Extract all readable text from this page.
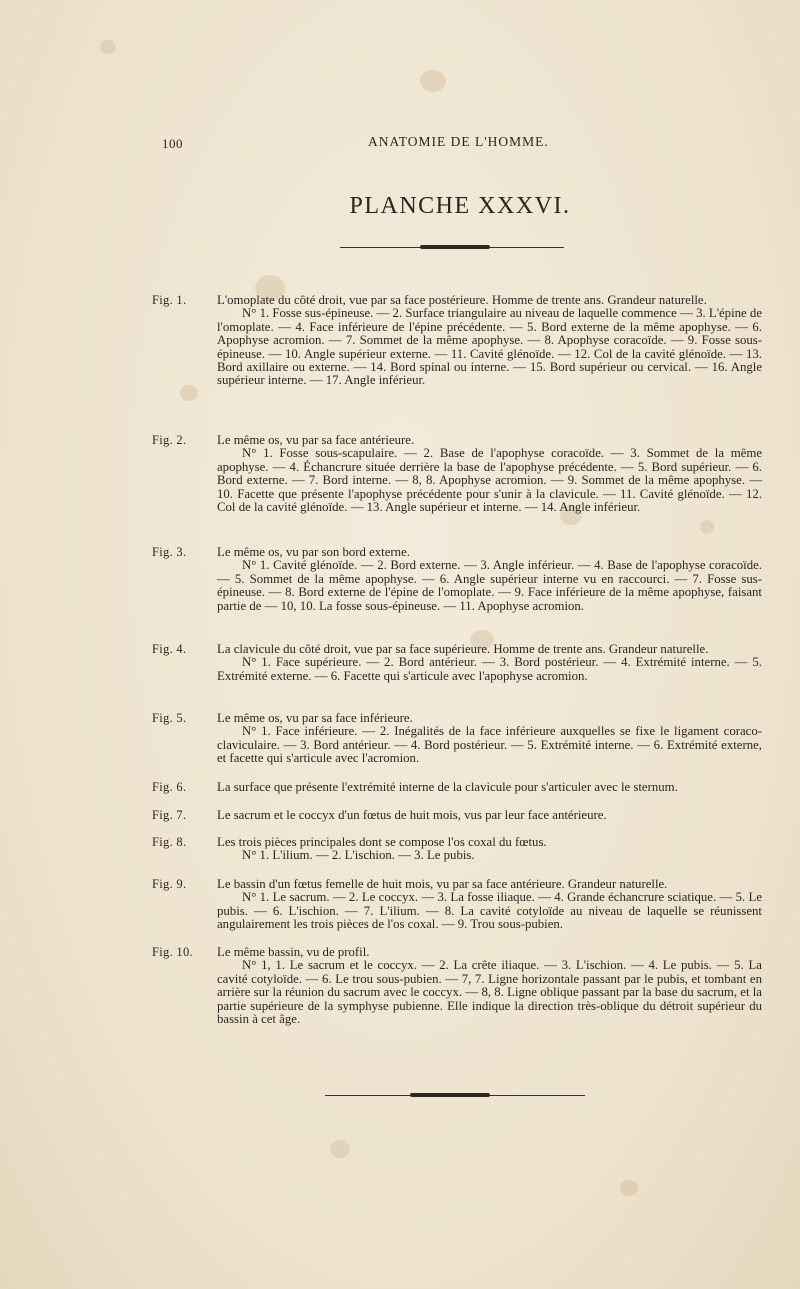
100	ANATOMIE DE L'HOMME.
PLANCHE XXXVI.
Fig. 1. L'omoplate du côté droit, vue par sa face postérieure. Homme de trente ans. Grandeur naturelle.

N° 1. Fosse sus-épineuse. — 2. Surface triangulaire au niveau de laquelle commence — 3. L'épine de l'omoplate. — 4. Face inférieure de l'épine précédente. — 5. Bord externe de la même apophyse. — 6. Apophyse acromion. — 7. Sommet de la même apophyse. — 8. Apophyse coracoïde. — 9. Fosse sous-épineuse. — 10. Angle supérieur externe. — 11. Cavité glénoïde. — 12. Col de la cavité glénoïde. — 13. Bord axillaire ou externe. — 14. Bord spinal ou interne. — 15. Bord supérieur ou cervical. — 16. Angle supérieur interne. — 17. Angle inférieur.

Fig. 2. Le même os, vu par sa face antérieure.

N° 1. Fosse sous-scapulaire. — 2. Base de l'apophyse coracoïde. — 3. Sommet de la même apophyse. — 4. Échancrure située derrière la base de l'apophyse précédente. — 5. Bord supérieur. — 6. Bord externe. — 7. Bord interne. — 8, 8. Apophyse acromion. — 9. Sommet de la même apophyse. — 10. Facette que présente l'apophyse précédente pour s'unir à la clavicule. — 11. Cavité glénoïde. — 12. Col de la cavité glénoïde. — 13. Angle supérieur et interne. — 14. Angle inférieur.

Fig. 3. Le même os, vu par son bord externe.

N° 1. Cavité glénoïde. — 2. Bord externe. — 3. Angle inférieur. — 4. Base de l'apophyse coracoïde. — 5. Sommet de la même apophyse. — 6. Angle supérieur interne vu en raccourci. — 7. Fosse sus-épineuse. — 8. Bord externe de l'épine de l'omoplate. — 9. Face inférieure de la même apophyse, faisant partie de — 10, 10. La fosse sous-épineuse. — 11. Apophyse acromion.

Fig. 4. La clavicule du côté droit, vue par sa face supérieure. Homme de trente ans. Grandeur naturelle.

N° 1. Face supérieure. — 2. Bord antérieur. — 3. Bord postérieur. — 4. Extrémité interne. — 5. Extrémité externe. — 6. Facette qui s'articule avec l'apophyse acromion.

Fig. 5. Le même os, vu par sa face inférieure.

N° 1. Face inférieure. — 2. Inégalités de la face inférieure auxquelles se fixe le ligament coraco-claviculaire. — 3. Bord antérieur. — 4. Bord postérieur. — 5. Extrémité interne. — 6. Extrémité externe, et facette qui s'articule avec l'acromion.

Fig. 6. La surface que présente l'extrémité interne de la clavicule pour s'articuler avec le sternum.

Fig. 7. Le sacrum et le coccyx d'un fœtus de huit mois, vus par leur face antérieure.

Fig. 8. Les trois pièces principales dont se compose l'os coxal du fœtus.

N° 1. L'ilium. — 2. L'ischion. — 3. Le pubis.

Fig. 9. Le bassin d'un fœtus femelle de huit mois, vu par sa face antérieure. Grandeur naturelle.

N° 1. Le sacrum. — 2. Le coccyx. — 3. La fosse iliaque. — 4. Grande échancrure sciatique. — 5. Le pubis. — 6. L'ischion. — 7. L'ilium. — 8. La cavité cotyloïde au niveau de laquelle se réunissent angulairement les trois pièces de l'os coxal. — 9. Trou sous-pubien.

Fig. 10. Le même bassin, vu de profil.

N° 1, 1. Le sacrum et le coccyx. — 2. La crête iliaque. — 3. L'ischion. — 4. Le pubis. — 5. La cavité cotyloïde. — 6. Le trou sous-pubien. — 7, 7. Ligne horizontale passant par le pubis, et tombant en arrière sur la réunion du sacrum avec le coccyx. — 8, 8. Ligne oblique passant par la base du sacrum, et la partie supérieure de la symphyse pubienne. Elle indique la direction très-oblique du détroit supérieur du bassin à cet âge.
